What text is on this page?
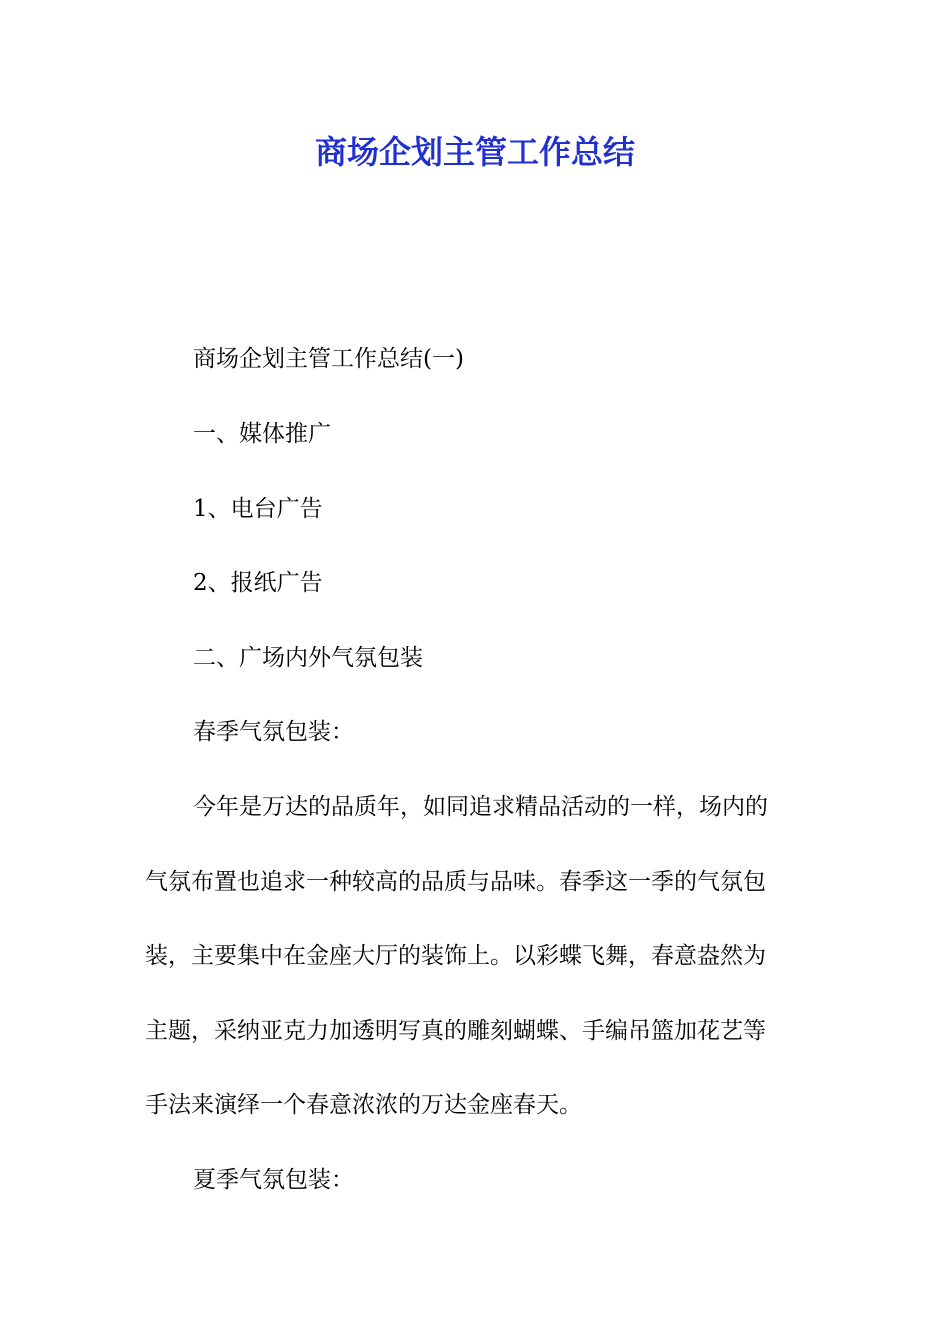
商场企划主管工作总结

商场企划主管工作总结(一)

一、媒体推广

1、电台广告

2、报纸广告

二、广场内外气氛包装

春季气氛包装：

今年是万达的品质年，如同追求精品活动的一样，场内的

气氛布置也追求一种较高的品质与品味。春季这一季的气氛包

装，主要集中在金座大厅的装饰上。以彩蝶飞舞，春意盎然为

主题，采纳亚克力加透明写真的雕刻蝴蝶、手编吊篮加花艺等

手法来演绎一个春意浓浓的万达金座春天。

夏季气氛包装：
